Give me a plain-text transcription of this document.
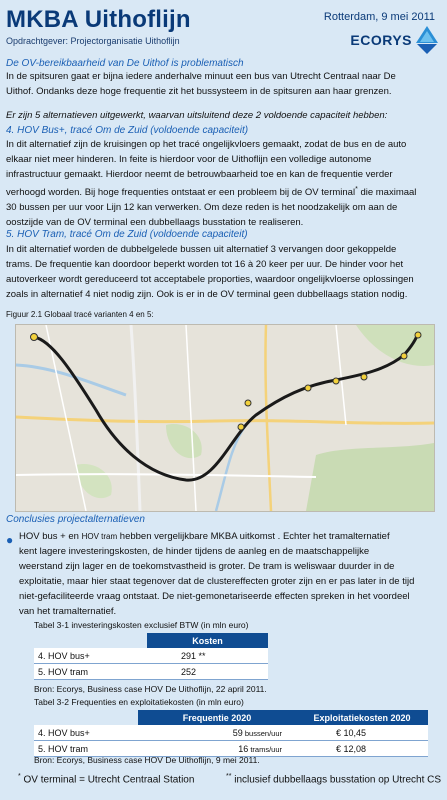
MKBA Uithoflijn
Opdrachtgever: Projectorganisatie Uithoflijn
Rotterdam, 9 mei 2011
ECORYS
De OV-bereikbaarheid van De Uithof is problematisch
In de spitsuren gaat er bijna iedere anderhalve minuut een bus van Utrecht Centraal naar De
Uithof. Ondanks deze hoge frequentie zit het bussysteem in de spitsuren aan haar grenzen.
Er zijn 5 alternatieven uitgewerkt, waarvan uitsluitend deze 2 voldoende capaciteit hebben:
4. HOV Bus+, tracé Om de Zuid (voldoende capaciteit)
In dit alternatief zijn de kruisingen op het tracé ongelijkvloers gemaakt, zodat de bus en de auto
elkaar niet meer hinderen. In feite is hierdoor voor de Uithoflijn een volledige autonome
infrastructuur gemaakt. Hierdoor neemt de betrouwbaarheid toe en kan de frequentie verder
verhoogd worden. Bij hoge frequenties ontstaat er een probleem bij de OV terminal* die maximaal
30 bussen per uur voor Lijn 12 kan verwerken. Om deze reden is het noodzakelijk om aan de
oostzijde van de OV terminal een dubbellaags busstation te realiseren.
5. HOV Tram, tracé Om de Zuid (voldoende capaciteit)
In dit alternatief worden de dubbelgelede bussen uit alternatief 3 vervangen door gekoppelde
trams. De frequentie kan doordoor beperkt worden tot 16 à 20 keer per uur. De hinder voor het
autoverkeer wordt gereduceerd tot acceptabele proporties, waardoor ongelijkvloerse oplossingen
zoals in alternatief 4 niet nodig zijn. Ook is er in de OV terminal geen dubbellaags station nodig.
Figuur 2.1 Globaal tracé varianten 4 en 5:
Conclusies projectalternatieven
● HOV bus + en HOV tram hebben vergelijkbare MKBA uitkomst . Echter het tramalternatief
kent lagere investeringskosten, de hinder tijdens de aanleg en de maatschappelijke
weerstand zijn lager en de toekomstvastheid is groter. De tram is weliswaar duurder in de
exploitatie, maar hier staat tegenover dat de clustereffecten groter zijn en er pas later in de tijd
niet-gefaciliteerde vraag ontstaat. De niet-gemonetariseerde effecten spreken in het voordeel
van het tramalternatief.
Tabel 3-1 investeringskosten exclusief BTW (in mln euro)
	Kosten
4. HOV bus+	291 **
5. HOV tram	252
Bron: Ecorys, Business case HOV De Uithoflijn, 22 april 2011.
Tabel 3-2 Frequenties en exploitatiekosten (in mln euro)
	Frequentie 2020	Exploitatiekosten 2020
4. HOV bus+	59 bussen/uur	€ 10,45
5. HOV tram	16 trams/uur	€ 12,08
Bron: Ecorys, Business case HOV De Uithoflijn, 9 mei 2011.
* OV terminal = Utrecht Centraal Station	** inclusief dubbellaags busstation op Utrecht CS
